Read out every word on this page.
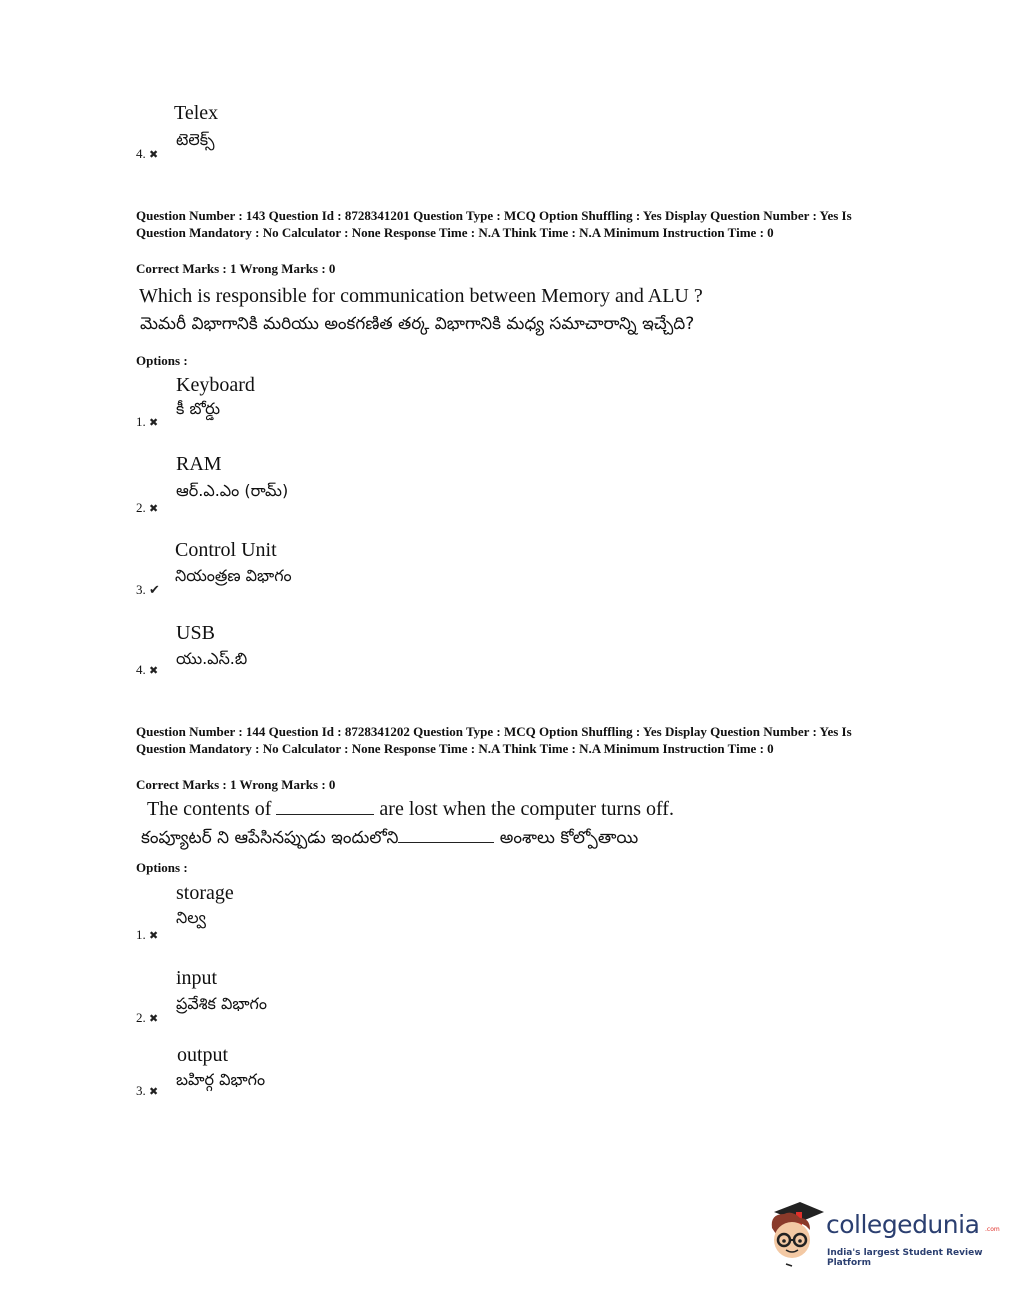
Telex
టెలెక్స్
4. ✖
Question Number : 143 Question Id : 8728341201 Question Type : MCQ Option Shuffling : Yes Display Question Number : Yes Is Question Mandatory : No Calculator : None Response Time : N.A Think Time : N.A Minimum Instruction Time : 0
Correct Marks : 1 Wrong Marks : 0
Which is responsible for communication between Memory and ALU ?
మెమరీ విభాగానికి మరియు అంకగణిత తర్క విభాగానికి మధ్య సమాచారాన్ని ఇచ్చేది?
Options :
Keyboard
కీ బోర్డు
1. ✖
RAM
ఆర్.ఎ.ఎం (రామ్)
2. ✖
Control Unit
నియంత్రణ విభాగం
3. ✔
USB
యు.ఎస్.బి
4. ✖
Question Number : 144 Question Id : 8728341202 Question Type : MCQ Option Shuffling : Yes Display Question Number : Yes Is Question Mandatory : No Calculator : None Response Time : N.A Think Time : N.A Minimum Instruction Time : 0
Correct Marks : 1 Wrong Marks : 0
The contents of	are lost when the computer turns off.
కంప్యూటర్ ని ఆపేసినప్పుడు ఇందులోని	అంశాలు కోల్పోతాయి
Options :
storage
నిల్వ
1. ✖
input
ప్రవేశిక విభాగం
2. ✖
output
బహిర్గ విభాగం
3. ✖
collegedunia .com
India's largest Student Review Platform
